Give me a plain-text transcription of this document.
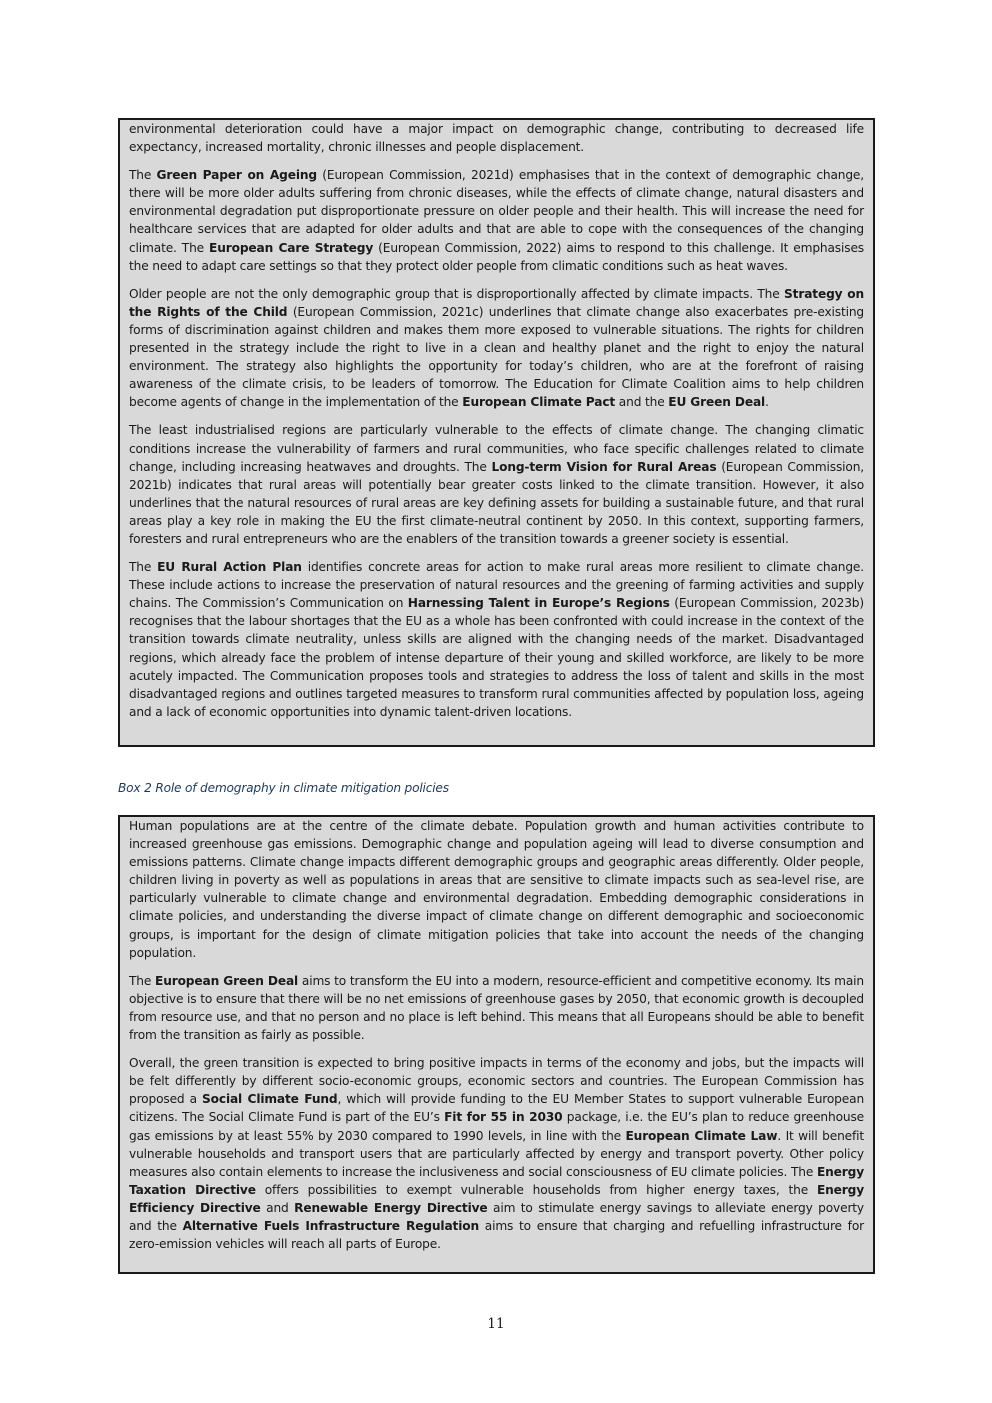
environmental deterioration could have a major impact on demographic change, contributing to decreased life expectancy, increased mortality, chronic illnesses and people displacement.

The Green Paper on Ageing (European Commission, 2021d) emphasises that in the context of demographic change, there will be more older adults suffering from chronic diseases, while the effects of climate change, natural disasters and environmental degradation put disproportionate pressure on older people and their health. This will increase the need for healthcare services that are adapted for older adults and that are able to cope with the consequences of the changing climate. The European Care Strategy (European Commission, 2022) aims to respond to this challenge. It emphasises the need to adapt care settings so that they protect older people from climatic conditions such as heat waves.

Older people are not the only demographic group that is disproportionally affected by climate impacts. The Strategy on the Rights of the Child (European Commission, 2021c) underlines that climate change also exacerbates pre-existing forms of discrimination against children and makes them more exposed to vulnerable situations. The rights for children presented in the strategy include the right to live in a clean and healthy planet and the right to enjoy the natural environment. The strategy also highlights the opportunity for today’s children, who are at the forefront of raising awareness of the climate crisis, to be leaders of tomorrow. The Education for Climate Coalition aims to help children become agents of change in the implementation of the European Climate Pact and the EU Green Deal.

The least industrialised regions are particularly vulnerable to the effects of climate change. The changing climatic conditions increase the vulnerability of farmers and rural communities, who face specific challenges related to climate change, including increasing heatwaves and droughts. The Long-term Vision for Rural Areas (European Commission, 2021b) indicates that rural areas will potentially bear greater costs linked to the climate transition. However, it also underlines that the natural resources of rural areas are key defining assets for building a sustainable future, and that rural areas play a key role in making the EU the first climate-neutral continent by 2050. In this context, supporting farmers, foresters and rural entrepreneurs who are the enablers of the transition towards a greener society is essential.

The EU Rural Action Plan identifies concrete areas for action to make rural areas more resilient to climate change. These include actions to increase the preservation of natural resources and the greening of farming activities and supply chains. The Commission’s Communication on Harnessing Talent in Europe’s Regions (European Commission, 2023b) recognises that the labour shortages that the EU as a whole has been confronted with could increase in the context of the transition towards climate neutrality, unless skills are aligned with the changing needs of the market. Disadvantaged regions, which already face the problem of intense departure of their young and skilled workforce, are likely to be more acutely impacted. The Communication proposes tools and strategies to address the loss of talent and skills in the most disadvantaged regions and outlines targeted measures to transform rural communities affected by population loss, ageing and a lack of economic opportunities into dynamic talent-driven locations.

Box 2 Role of demography in climate mitigation policies

Human populations are at the centre of the climate debate. Population growth and human activities contribute to increased greenhouse gas emissions. Demographic change and population ageing will lead to diverse consumption and emissions patterns. Climate change impacts different demographic groups and geographic areas differently. Older people, children living in poverty as well as populations in areas that are sensitive to climate impacts such as sea-level rise, are particularly vulnerable to climate change and environmental degradation. Embedding demographic considerations in climate policies, and understanding the diverse impact of climate change on different demographic and socioeconomic groups, is important for the design of climate mitigation policies that take into account the needs of the changing population.

The European Green Deal aims to transform the EU into a modern, resource-efficient and competitive economy. Its main objective is to ensure that there will be no net emissions of greenhouse gases by 2050, that economic growth is decoupled from resource use, and that no person and no place is left behind. This means that all Europeans should be able to benefit from the transition as fairly as possible.

Overall, the green transition is expected to bring positive impacts in terms of the economy and jobs, but the impacts will be felt differently by different socio-economic groups, economic sectors and countries. The European Commission has proposed a Social Climate Fund, which will provide funding to the EU Member States to support vulnerable European citizens. The Social Climate Fund is part of the EU’s Fit for 55 in 2030 package, i.e. the EU’s plan to reduce greenhouse gas emissions by at least 55% by 2030 compared to 1990 levels, in line with the European Climate Law. It will benefit vulnerable households and transport users that are particularly affected by energy and transport poverty. Other policy measures also contain elements to increase the inclusiveness and social consciousness of EU climate policies. The Energy Taxation Directive offers possibilities to exempt vulnerable households from higher energy taxes, the Energy Efficiency Directive and Renewable Energy Directive aim to stimulate energy savings to alleviate energy poverty and the Alternative Fuels Infrastructure Regulation aims to ensure that charging and refuelling infrastructure for zero-emission vehicles will reach all parts of Europe.

11
